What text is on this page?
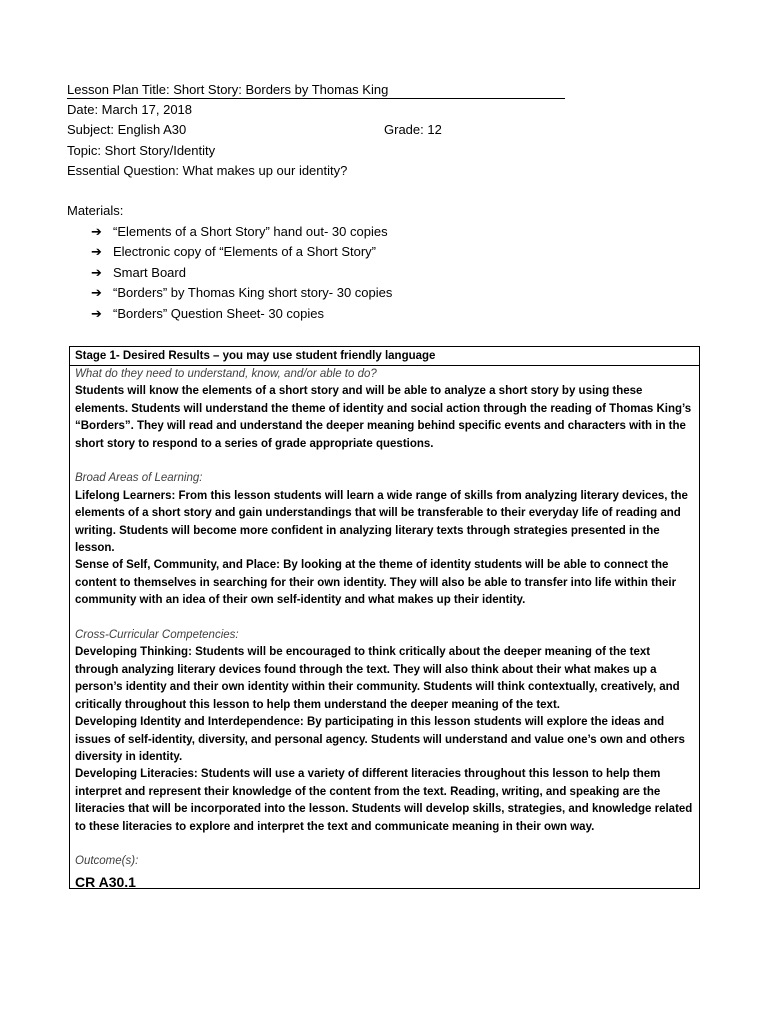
Lesson Plan Title: Short Story: Borders by Thomas King
Date: March 17, 2018
Subject: English A30	Grade: 12
Topic: Short Story/Identity
Essential Question: What makes up our identity?
Materials:
➔ “Elements of a Short Story” hand out- 30 copies
➔ Electronic copy of “Elements of a Short Story”
➔ Smart Board
➔ “Borders” by Thomas King short story- 30 copies
➔ “Borders” Question Sheet- 30 copies
Stage 1- Desired Results – you may use student friendly language

What do they need to understand, know, and/or able to do?

Students will know the elements of a short story and will be able to analyze a short story by using these elements. Students will understand the theme of identity and social action through the reading of Thomas King’s “Borders”. They will read and understand the deeper meaning behind specific events and characters with in the short story to respond to a series of grade appropriate questions.

Broad Areas of Learning:

Lifelong Learners: From this lesson students will learn a wide range of skills from analyzing literary devices, the elements of a short story and gain understandings that will be transferable to their everyday life of reading and writing. Students will become more confident in analyzing literary texts through strategies presented in the lesson.

Sense of Self, Community, and Place: By looking at the theme of identity students will be able to connect the content to themselves in searching for their own identity. They will also be able to transfer into life within their community with an idea of their own self-identity and what makes up their identity.

Cross-Curricular Competencies:

Developing Thinking: Students will be encouraged to think critically about the deeper meaning of the text through analyzing literary devices found through the text. They will also think about their what makes up a person’s identity and their own identity within their community. Students will think contextually, creatively, and critically throughout this lesson to help them understand the deeper meaning of the text.

Developing Identity and Interdependence: By participating in this lesson students will explore the ideas and issues of self-identity, diversity, and personal agency. Students will understand and value one’s own and others diversity in identity.

Developing Literacies: Students will use a variety of different literacies throughout this lesson to help them interpret and represent their knowledge of the content from the text. Reading, writing, and speaking are the literacies that will be incorporated into the lesson. Students will develop skills, strategies, and knowledge related to these literacies to explore and interpret the text and communicate meaning in their own way.

Outcome(s):

CR A30.1
